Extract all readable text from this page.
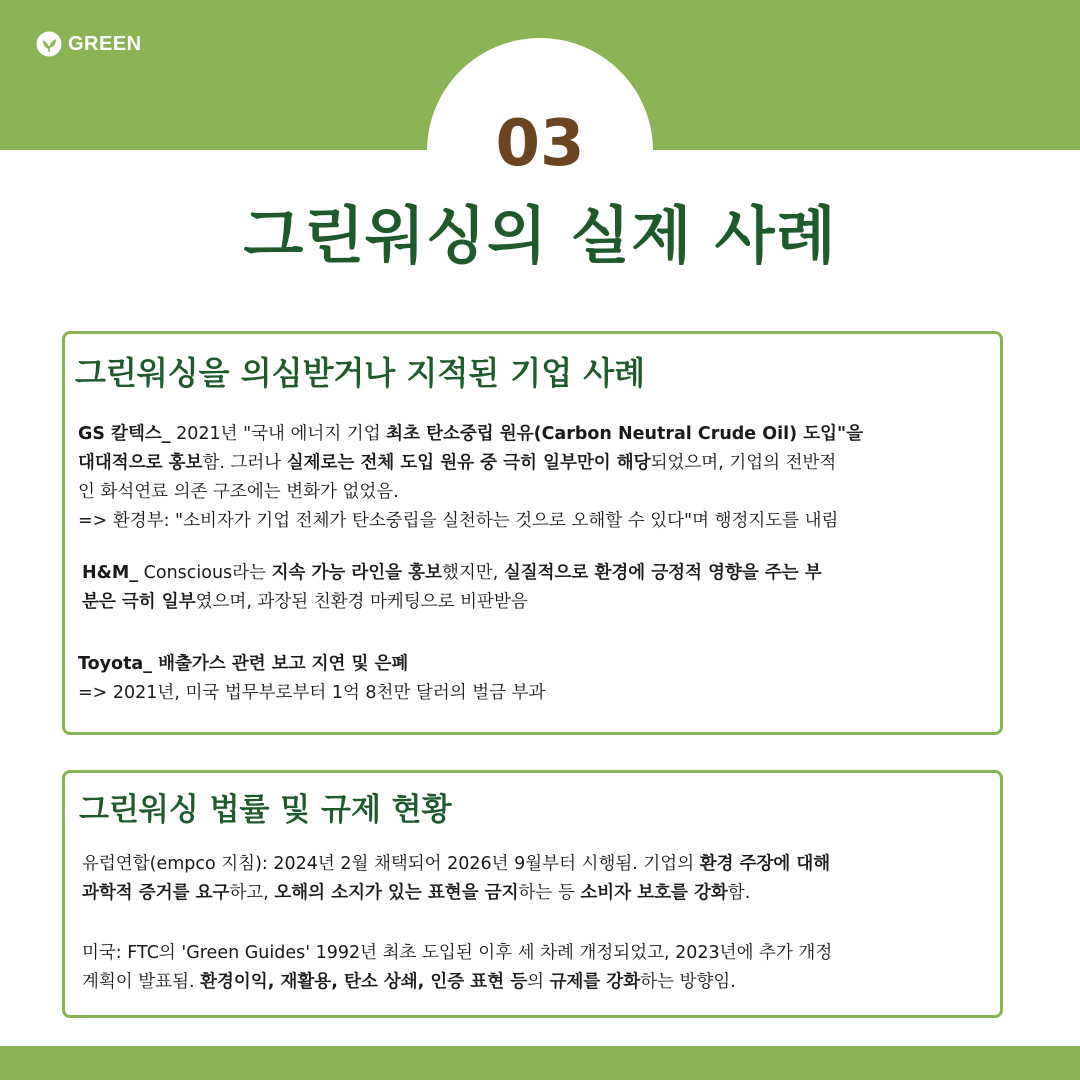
GREEN
03
그린워싱의 실제 사례
그린워싱을 의심받거나 지적된 기업 사례
GS 칼텍스_ 2021년 "국내 에너지 기업 최초 탄소중립 원유(Carbon Neutral Crude Oil) 도입"을
대대적으로 홍보함. 그러나 실제로는 전체 도입 원유 중 극히 일부만이 해당되었으며, 기업의 전반적
인 화석연료 의존 구조에는 변화가 없었음.
=> 환경부: "소비자가 기업 전체가 탄소중립을 실천하는 것으로 오해할 수 있다"며 행정지도를 내림
H&M_ Conscious라는 지속 가능 라인을 홍보했지만, 실질적으로 환경에 긍정적 영향을 주는 부
분은 극히 일부였으며, 과장된 친환경 마케팅으로 비판받음
Toyota_ 배출가스 관련 보고 지연 및 은폐
=> 2021년, 미국 법무부로부터 1억 8천만 달러의 벌금 부과
그린워싱 법률 및 규제 현황
유럽연합(empco 지침): 2024년 2월 채택되어 2026년 9월부터 시행됨. 기업의 환경 주장에 대해
과학적 증거를 요구하고, 오해의 소지가 있는 표현을 금지하는 등 소비자 보호를 강화함.
미국: FTC의 'Green Guides' 1992년 최초 도입된 이후 세 차례 개정되었고, 2023년에 추가 개정
계획이 발표됨. 환경이익, 재활용, 탄소 상쇄, 인증 표현 등의 규제를 강화하는 방향임.
